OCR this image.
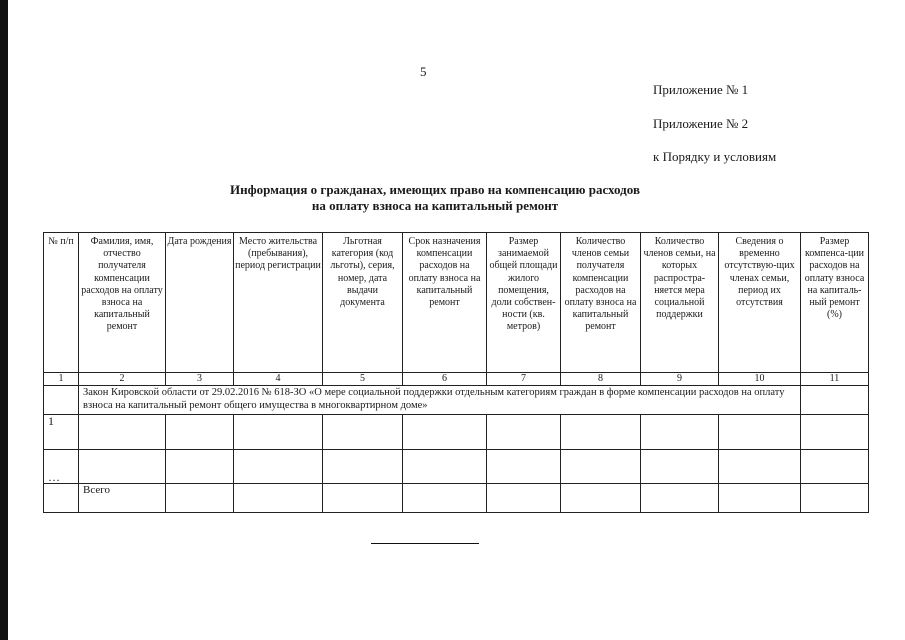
5
Приложение № 1
Приложение № 2
к Порядку и условиям
Информация о гражданах, имеющих право на компенсацию расходов
на оплату взноса на капитальный ремонт
№ п/п	Фамилия, имя, отчество получателя компенсации расходов на оплату взноса на капитальный ремонт	Дата рождения	Место жительства (пребывания), период регистрации	Льготная категория (код льготы), серия, номер, дата выдачи документа	Срок назначения компенсации расходов на оплату взноса на капитальный ремонт	Размер занимаемой общей площади жилого помещения, доли собствен-ности (кв. метров)	Количество членов семьи получателя компенсации расходов на оплату взноса на капитальный ремонт	Количество членов семьи, на которых распростра-няется мера социальной поддержки	Сведения о временно отсутствую-щих членах семьи, период их отсутствия	Размер компенса-ции расходов на оплату взноса на капиталь-ный ремонт (%)
1	2	3	4	5	6	7	8	9	10	11
	Закон Кировской области от 29.02.2016 № 618-ЗО «О мере социальной поддержки отдельным категориям граждан в форме компенсации расходов на оплату взноса на капитальный ремонт общего имущества в многоквартирном доме»									
1										
…										
	Всего									
